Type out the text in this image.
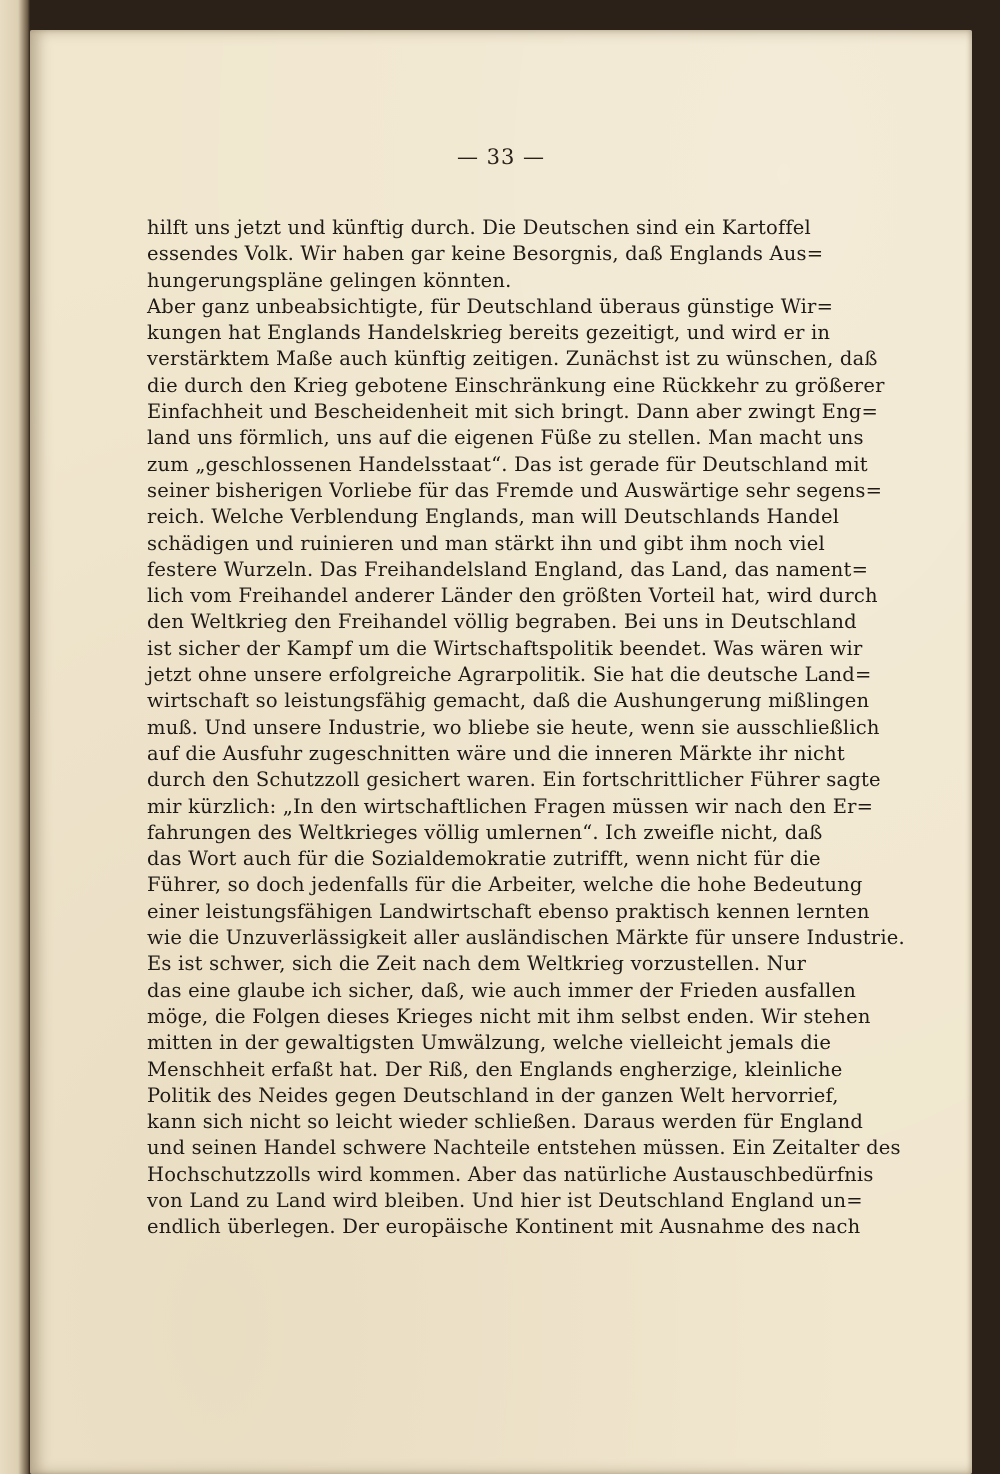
— 33 —
hilft uns jetzt und künftig durch. Die Deutschen sind ein Kartoffel
essendes Volk. Wir haben gar keine Besorgnis, daß Englands Aus=
hungerungspläne gelingen könnten.
Aber ganz unbeabsichtigte, für Deutschland überaus günstige Wir=
kungen hat Englands Handelskrieg bereits gezeitigt, und wird er in
verstärktem Maße auch künftig zeitigen. Zunächst ist zu wünschen, daß
die durch den Krieg gebotene Einschränkung eine Rückkehr zu größerer
Einfachheit und Bescheidenheit mit sich bringt. Dann aber zwingt Eng=
land uns förmlich, uns auf die eigenen Füße zu stellen. Man macht uns
zum „geschlossenen Handelsstaat“. Das ist gerade für Deutschland mit
seiner bisherigen Vorliebe für das Fremde und Auswärtige sehr segens=
reich. Welche Verblendung Englands, man will Deutschlands Handel
schädigen und ruinieren und man stärkt ihn und gibt ihm noch viel
festere Wurzeln. Das Freihandelsland England, das Land, das nament=
lich vom Freihandel anderer Länder den größten Vorteil hat, wird durch
den Weltkrieg den Freihandel völlig begraben. Bei uns in Deutschland
ist sicher der Kampf um die Wirtschaftspolitik beendet. Was wären wir
jetzt ohne unsere erfolgreiche Agrarpolitik. Sie hat die deutsche Land=
wirtschaft so leistungsfähig gemacht, daß die Aushungerung mißlingen
muß. Und unsere Industrie, wo bliebe sie heute, wenn sie ausschließlich
auf die Ausfuhr zugeschnitten wäre und die inneren Märkte ihr nicht
durch den Schutzzoll gesichert waren. Ein fortschrittlicher Führer sagte
mir kürzlich: „In den wirtschaftlichen Fragen müssen wir nach den Er=
fahrungen des Weltkrieges völlig umlernen“. Ich zweifle nicht, daß
das Wort auch für die Sozialdemokratie zutrifft, wenn nicht für die
Führer, so doch jedenfalls für die Arbeiter, welche die hohe Bedeutung
einer leistungsfähigen Landwirtschaft ebenso praktisch kennen lernten
wie die Unzuverlässigkeit aller ausländischen Märkte für unsere Industrie.
Es ist schwer, sich die Zeit nach dem Weltkrieg vorzustellen. Nur
das eine glaube ich sicher, daß, wie auch immer der Frieden ausfallen
möge, die Folgen dieses Krieges nicht mit ihm selbst enden. Wir stehen
mitten in der gewaltigsten Umwälzung, welche vielleicht jemals die
Menschheit erfaßt hat. Der Riß, den Englands engherzige, kleinliche
Politik des Neides gegen Deutschland in der ganzen Welt hervorrief,
kann sich nicht so leicht wieder schließen. Daraus werden für England
und seinen Handel schwere Nachteile entstehen müssen. Ein Zeitalter des
Hochschutzzolls wird kommen. Aber das natürliche Austauschbedürfnis
von Land zu Land wird bleiben. Und hier ist Deutschland England un=
endlich überlegen. Der europäische Kontinent mit Ausnahme des nach
